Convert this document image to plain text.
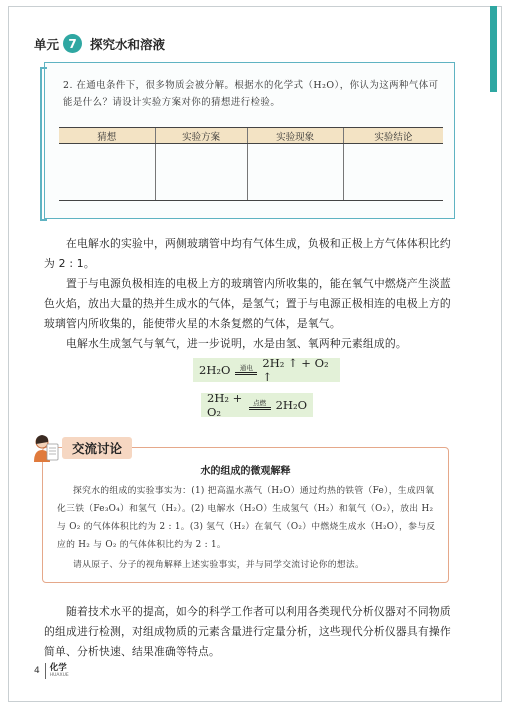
单元 7	探究水和溶液
2. 在通电条件下，很多物质会被分解。根据水的化学式（H₂O），你认为这两种气体可能是什么？请设计实验方案对你的猜想进行检验。
猜想	实验方案	实验现象	实验结论

在电解水的实验中，两侧玻璃管中均有气体生成，负极和正极上方气体体积比约为 2 : 1。

置于与电源负极相连的电极上方的玻璃管内所收集的，能在氧气中燃烧产生淡蓝色火焰，放出大量的热并生成水的气体，是氢气；置于与电源正极相连的电极上方的玻璃管内所收集的，能使带火星的木条复燃的气体，是氧气。

电解水生成氢气与氧气，进一步说明，水是由氢、氧两种元素组成的。

2H₂O 通电 2H₂ ↑ + O₂ ↑
2H₂ + O₂
点燃 2H₂O
水的组成的微观解释

探究水的组成的实验事实为：(1) 把高温水蒸气（H₂O）通过灼热的铁管（Fe），生成四氧化三铁（Fe₃O₄）和氢气（H₂）。(2) 电解水（H₂O）生成氢气（H₂）和氧气（O₂），放出 H₂ 与 O₂ 的气体体积比约为 2 : 1。(3) 氢气（H₂）在氧气（O₂）中燃烧生成水（H₂O），参与反应的 H₂ 与 O₂ 的气体体积比约为 2 : 1。

请从原子、分子的视角解释上述实验事实，并与同学交流讨论你的想法。

交流讨论

随着技术水平的提高，如今的科学工作者可以利用各类现代分析仪器对不同物质的组成进行检测，对组成物质的元素含量进行定量分析，这些现代分析仪器具有操作简单、分析快速、结果准确等特点。

4 化学
HUAXUE
